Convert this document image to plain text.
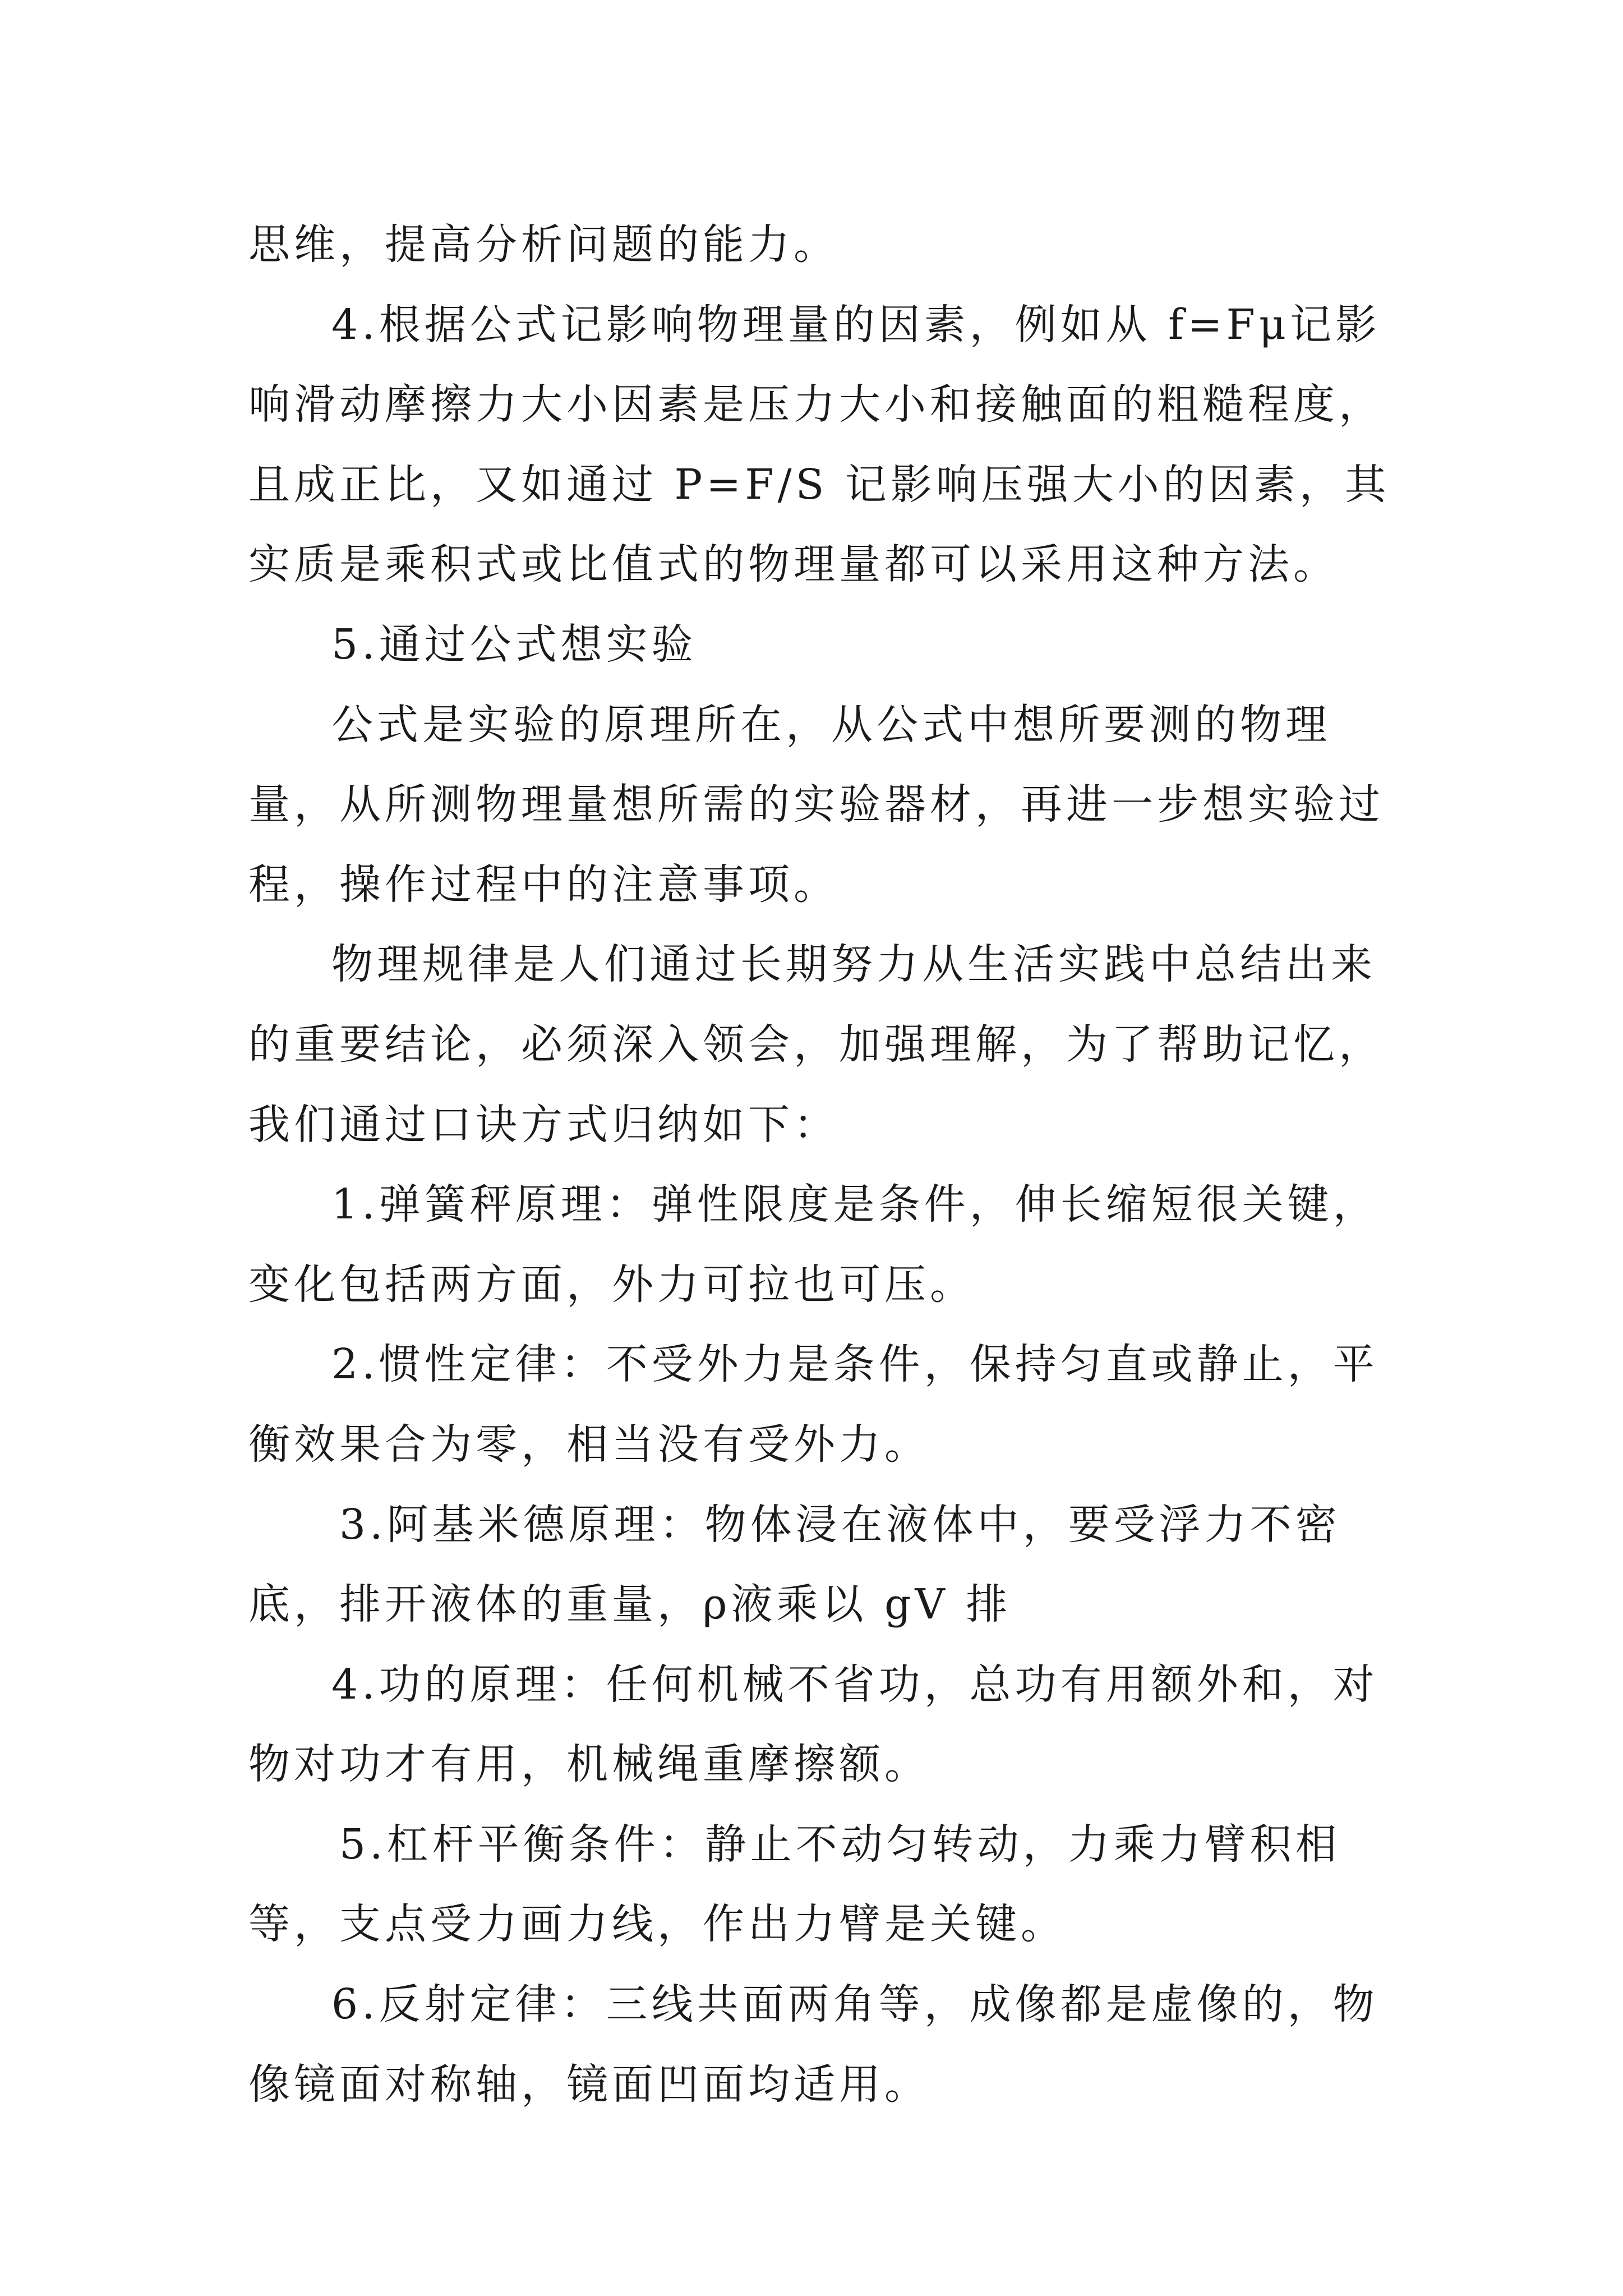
思维，提高分析问题的能力。

4.根据公式记影响物理量的因素，例如从 f=Fμ记影响滑动摩擦力大小因素是压力大小和接触面的粗糙程度，且成正比，又如通过 P=F/S 记影响压强大小的因素，其实质是乘积式或比值式的物理量都可以采用这种方法。

5.通过公式想实验

公式是实验的原理所在，从公式中想所要测的物理量，从所测物理量想所需的实验器材，再进一步想实验过程，操作过程中的注意事项。

物理规律是人们通过长期努力从生活实践中总结出来的重要结论，必须深入领会，加强理解，为了帮助记忆，我们通过口诀方式归纳如下：

1.弹簧秤原理：弹性限度是条件，伸长缩短很关键，变化包括两方面，外力可拉也可压。

2.惯性定律：不受外力是条件，保持匀直或静止，平衡效果合为零，相当没有受外力。

3.阿基米德原理：物体浸在液体中，要受浮力不密底，排开液体的重量，ρ液乘以 gV 排

4.功的原理：任何机械不省功，总功有用额外和，对物对功才有用，机械绳重摩擦额。

5.杠杆平衡条件：静止不动匀转动，力乘力臂积相等，支点受力画力线，作出力臂是关键。

6.反射定律：三线共面两角等，成像都是虚像的，物像镜面对称轴，镜面凹面均适用。
